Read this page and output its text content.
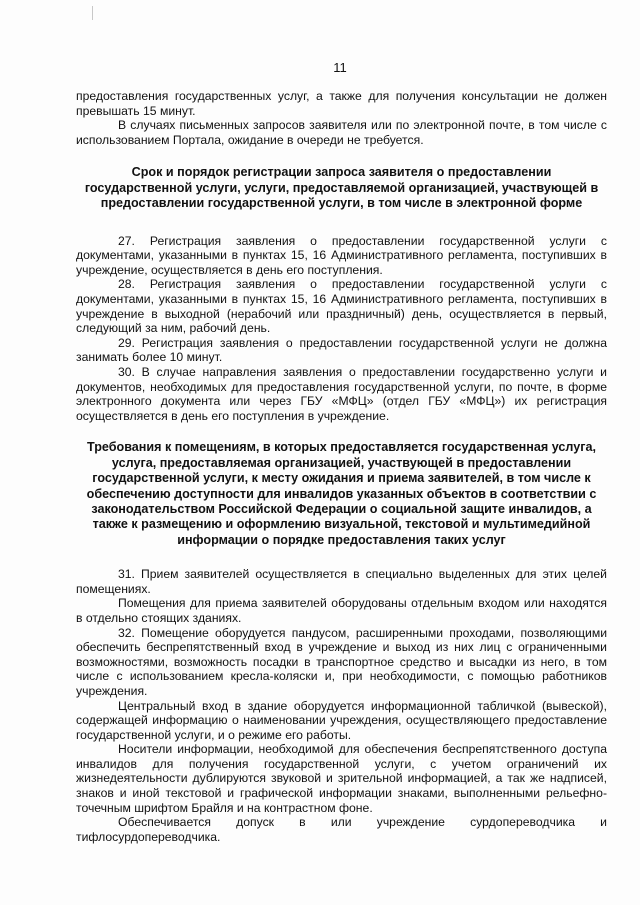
11

предоставления государственных услуг, а также для получения консультации не должен превышать 15 минут.

В случаях письменных запросов заявителя или по электронной почте, в том числе с использованием Портала, ожидание в очереди не требуется.

Срок и порядок регистрации запроса заявителя о предоставлении государственной услуги, услуги, предоставляемой организацией, участвующей в предоставлении государственной услуги, в том числе в электронной форме

27. Регистрация заявления о предоставлении государственной услуги с документами, указанными в пунктах 15, 16 Административного регламента, поступивших в учреждение, осуществляется в день его поступления.

28. Регистрация заявления о предоставлении государственной услуги с документами, указанными в пунктах 15, 16 Административного регламента, поступивших в учреждение в выходной (нерабочий или праздничный) день, осуществляется в первый, следующий за ним, рабочий день.

29. Регистрация заявления о предоставлении государственной услуги не должна занимать более 10 минут.

30. В случае направления заявления о предоставлении государственно услуги и документов, необходимых для предоставления государственной услуги, по почте, в форме электронного документа или через ГБУ «МФЦ» (отдел ГБУ «МФЦ») их регистрация осуществляется в день его поступления в учреждение.

Требования к помещениям, в которых предоставляется государственная услуга, услуга, предоставляемая организацией, участвующей в предоставлении государственной услуги, к месту ожидания и приема заявителей, в том числе к обеспечению доступности для инвалидов указанных объектов в соответствии с законодательством Российской Федерации о социальной защите инвалидов, а также к размещению и оформлению визуальной, текстовой и мультимедийной информации о порядке предоставления таких услуг

31. Прием заявителей осуществляется в специально выделенных для этих целей помещениях.

Помещения для приема заявителей оборудованы отдельным входом или находятся в отдельно стоящих зданиях.

32. Помещение оборудуется пандусом, расширенными проходами, позволяющими обеспечить беспрепятственный вход в учреждение и выход из них лиц с ограниченными возможностями, возможность посадки в транспортное средство и высадки из него, в том числе с использованием кресла-коляски и, при необходимости, с помощью работников учреждения.

Центральный вход в здание оборудуется информационной табличкой (вывеской), содержащей информацию о наименовании учреждения, осуществляющего предоставление государственной услуги, и о режиме его работы.

Носители информации, необходимой для обеспечения беспрепятственного доступа инвалидов для получения государственной услуги, с учетом ограничений их жизнедеятельности дублируются звуковой и зрительной информацией, а так же надписей, знаков и иной текстовой и графической информации знаками, выполненными рельефно-точечным шрифтом Брайля и на контрастном фоне.

Обеспечивается допуск в или учреждение сурдопереводчика и тифлосурдопереводчика.
